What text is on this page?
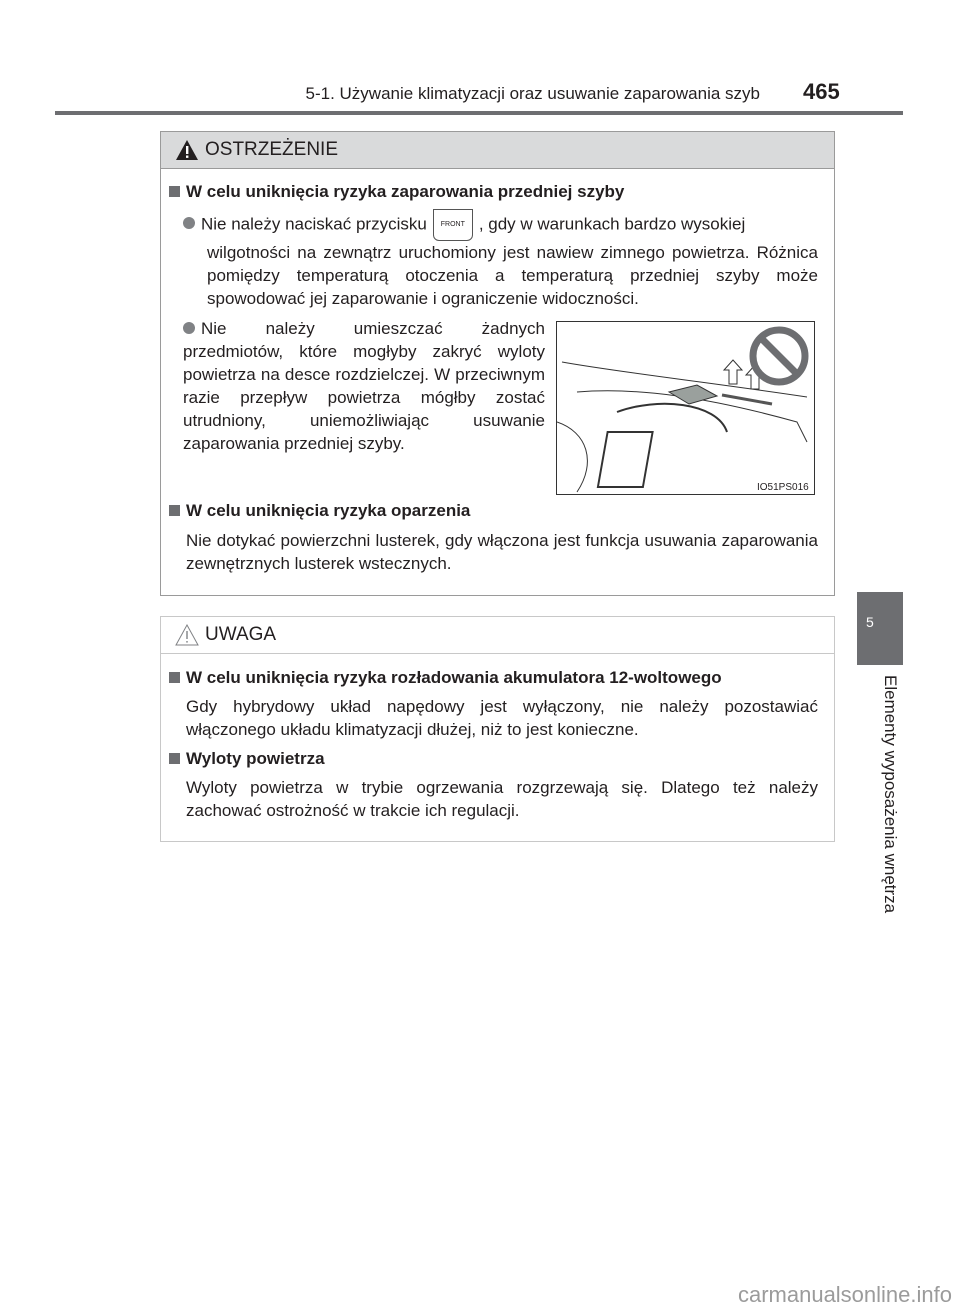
5-1. Używanie klimatyzacji oraz usuwanie zaparowania szyb 465
OSTRZEŻENIE
W celu uniknięcia ryzyka zaparowania przedniej szyby
Nie należy naciskać przycisku FRONT , gdy w warunkach bardzo wysokiej
wilgotności na zewnątrz uruchomiony jest nawiew zimnego powietrza. Różnica pomiędzy temperaturą otoczenia a temperaturą przedniej szyby może spowodować jej zaparowanie i ograniczenie widoczności.
Nie należy umieszczać żadnych przedmiotów, które mogłyby zakryć wyloty powietrza na desce rozdzielczej. W przeciwnym razie przepływ powietrza mógłby zostać utrudniony, uniemożliwiając usuwanie zaparowania przedniej szyby.
IO51PS016
W celu uniknięcia ryzyka oparzenia
Nie dotykać powierzchni lusterek, gdy włączona jest funkcja usuwania zaparowania zewnętrznych lusterek wstecznych.
UWAGA
W celu uniknięcia ryzyka rozładowania akumulatora 12-woltowego
Gdy hybrydowy układ napędowy jest wyłączony, nie należy pozostawiać włączonego układu klimatyzacji dłużej, niż to jest konieczne.
Wyloty powietrza
Wyloty powietrza w trybie ogrzewania rozgrzewają się. Dlatego też należy zachować ostrożność w trakcie ich regulacji.
5
Elementy wyposażenia wnętrza
carmanualsonline.info
